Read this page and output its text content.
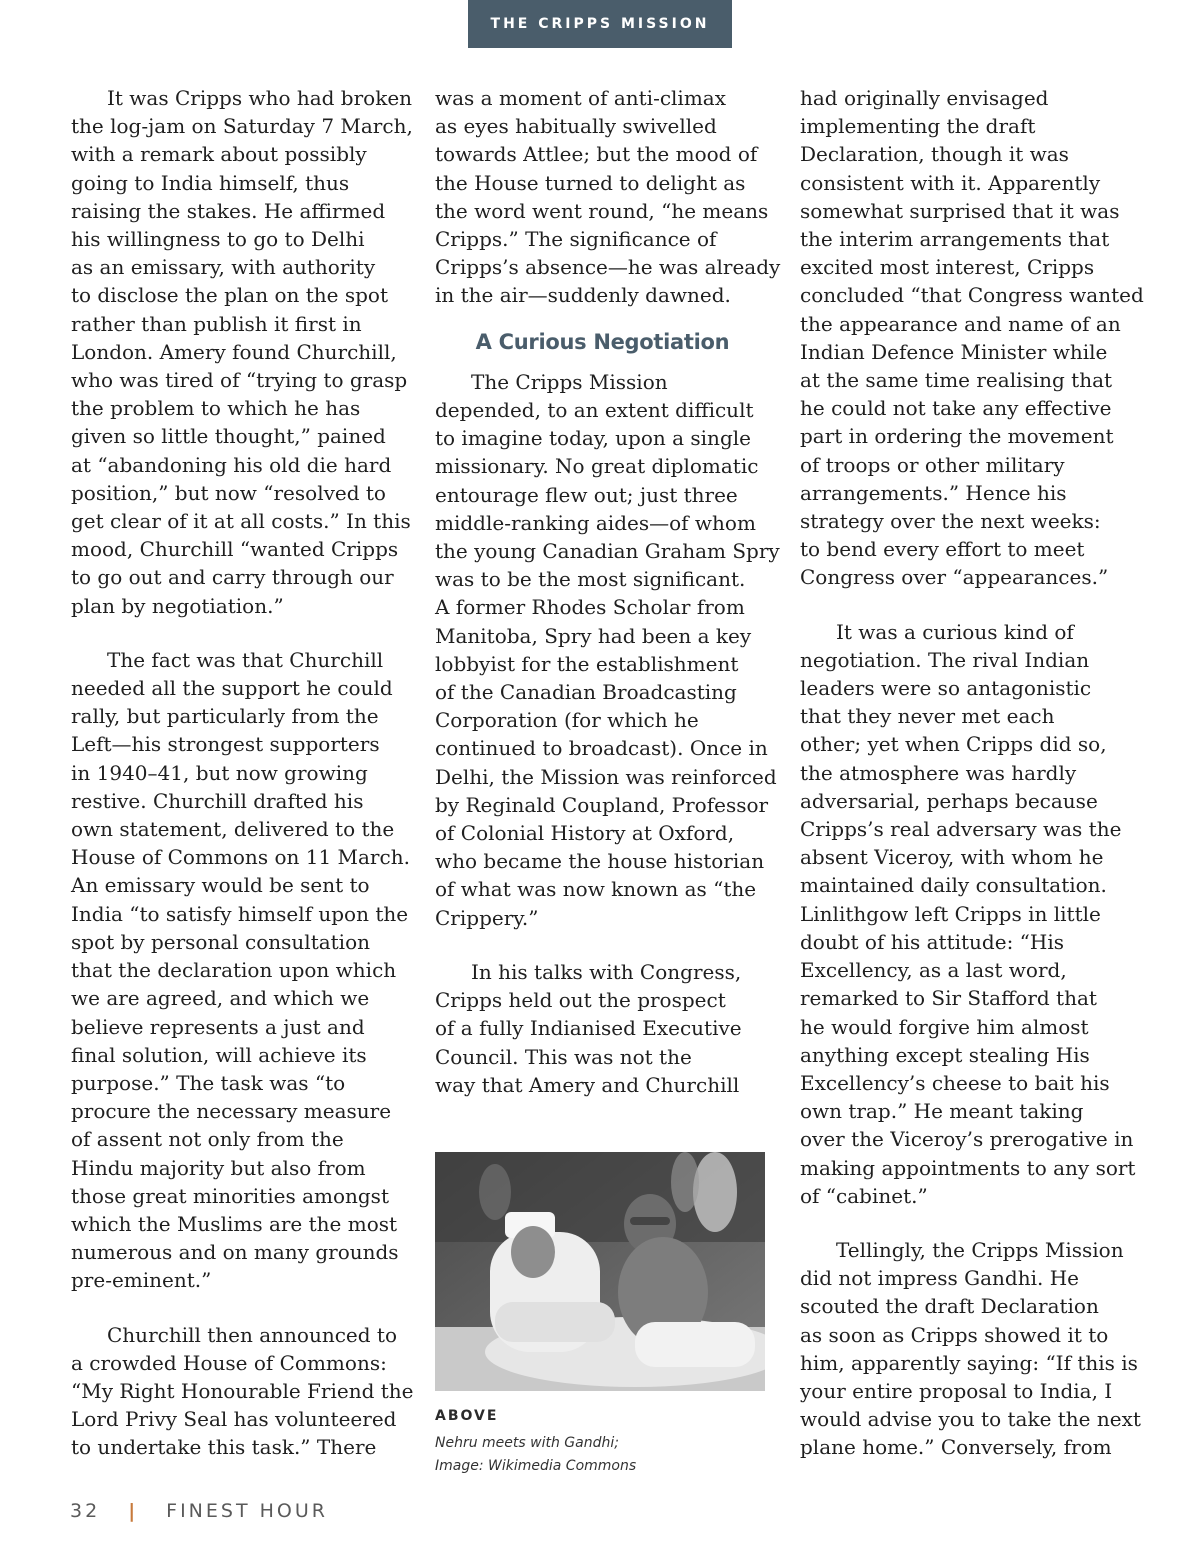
THE CRIPPS MISSION

It was Cripps who had broken

the log-jam on Saturday 7 March,

with a remark about possibly

going to India himself, thus

raising the stakes. He affirmed

his willingness to go to Delhi

as an emissary, with authority

to disclose the plan on the spot

rather than publish it first in

London. Amery found Churchill,

who was tired of “trying to grasp

the problem to which he has

given so little thought,” pained

at “abandoning his old die hard

position,” but now “resolved to

get clear of it at all costs.” In this

mood, Churchill “wanted Cripps

to go out and carry through our

plan by negotiation.”

The fact was that Churchill

needed all the support he could

rally, but particularly from the

Left—his strongest supporters

in 1940–41, but now growing

restive. Churchill drafted his

own statement, delivered to the

House of Commons on 11 March.

An emissary would be sent to

India “to satisfy himself upon the

spot by personal consultation

that the declaration upon which

we are agreed, and which we

believe represents a just and

final solution, will achieve its

purpose.” The task was “to

procure the necessary measure

of assent not only from the

Hindu majority but also from

those great minorities amongst

which the Muslims are the most

numerous and on many grounds

pre-eminent.”

Churchill then announced to

a crowded House of Commons:

“My Right Honourable Friend the

Lord Privy Seal has volunteered

to undertake this task.” There

was a moment of anti-climax

as eyes habitually swivelled

towards Attlee; but the mood of

the House turned to delight as

the word went round, “he means

Cripps.” The significance of

Cripps’s absence—he was already

in the air—suddenly dawned.

A Curious Negotiation

The Cripps Mission

depended, to an extent difficult

to imagine today, upon a single

missionary. No great diplomatic

entourage flew out; just three

middle-ranking aides—of whom

the young Canadian Graham Spry

was to be the most significant.

A former Rhodes Scholar from

Manitoba, Spry had been a key

lobbyist for the establishment

of the Canadian Broadcasting

Corporation (for which he

continued to broadcast). Once in

Delhi, the Mission was reinforced

by Reginald Coupland, Professor

of Colonial History at Oxford,

who became the house historian

of what was now known as “the

Crippery.”

In his talks with Congress,

Cripps held out the prospect

of a fully Indianised Executive

Council. This was not the

way that Amery and Churchill

ABOVE
Nehru meets with Gandhi;
Image: Wikimedia Commons

had originally envisaged

implementing the draft

Declaration, though it was

consistent with it. Apparently

somewhat surprised that it was

the interim arrangements that

excited most interest, Cripps

concluded “that Congress wanted

the appearance and name of an

Indian Defence Minister while

at the same time realising that

he could not take any effective

part in ordering the movement

of troops or other military

arrangements.” Hence his

strategy over the next weeks:

to bend every effort to meet

Congress over “appearances.”

It was a curious kind of

negotiation. The rival Indian

leaders were so antagonistic

that they never met each

other; yet when Cripps did so,

the atmosphere was hardly

adversarial, perhaps because

Cripps’s real adversary was the

absent Viceroy, with whom he

maintained daily consultation.

Linlithgow left Cripps in little

doubt of his attitude: “His

Excellency, as a last word,

remarked to Sir Stafford that

he would forgive him almost

anything except stealing His

Excellency’s cheese to bait his

own trap.” He meant taking

over the Viceroy’s prerogative in

making appointments to any sort

of “cabinet.”

Tellingly, the Cripps Mission

did not impress Gandhi. He

scouted the draft Declaration

as soon as Cripps showed it to

him, apparently saying: “If this is

your entire proposal to India, I

would advise you to take the next

plane home.” Conversely, from

32 | FINEST HOUR
